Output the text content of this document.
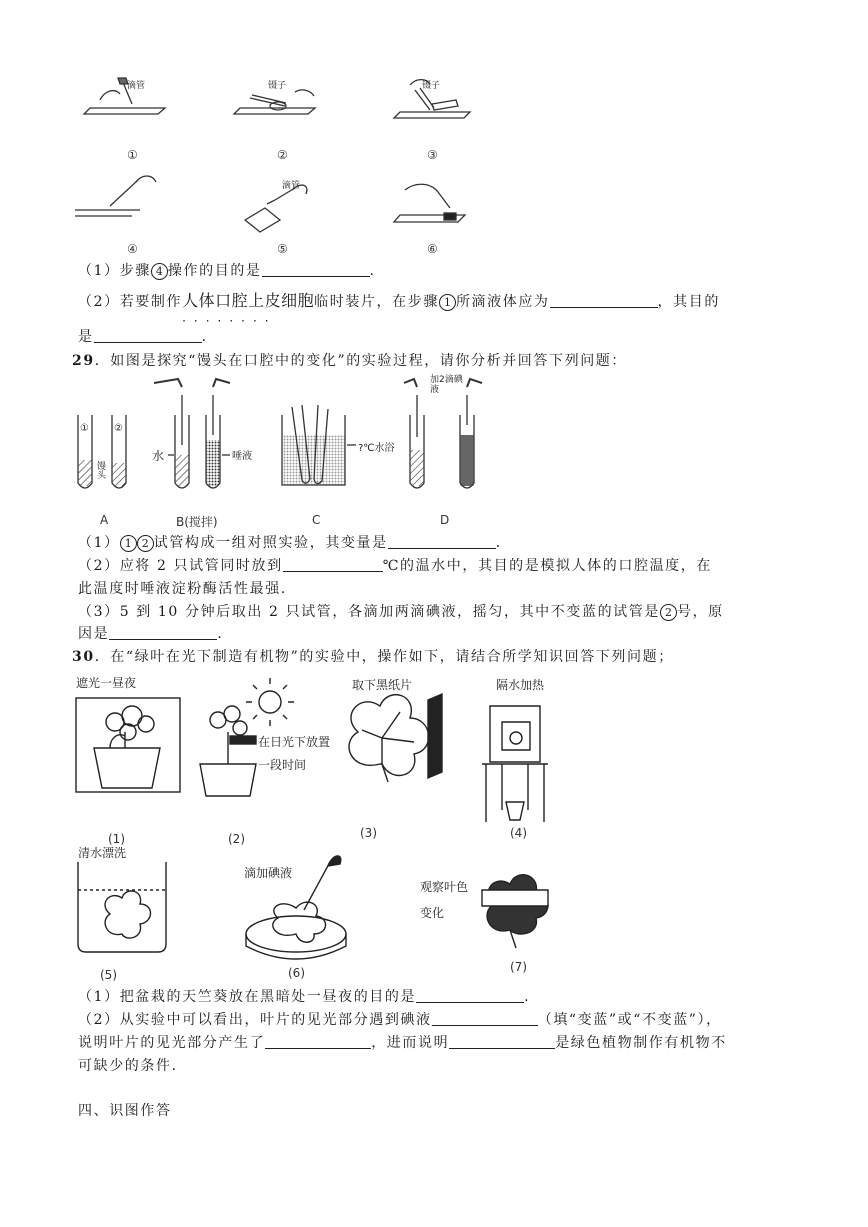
滴管	镊子	镊子
滴管
①	②	③
④	⑤	⑥
（1）步骤 4 操作的目的是	.
（2）若要制作人体口腔上皮细胞
········
临时装片，在步骤 1 所滴液体应为	，其目的
是	.
29．如图是探究“馒头在口腔中的变化”的实验过程，请你分析并回答下列问题：
①	②
馒头
水	唾液
?℃水浴
加2滴碘液
A	B(搅拌)	C	D
（1） 1 2 试管构成一组对照实验，其变量是	.
（2）应将 2 只试管同时放到	℃的温水中，其目的是模拟人体的口腔温度，在
此温度时唾液淀粉酶活性最强.
（3）5 到 10 分钟后取出 2 只试管，各滴加两滴碘液，摇匀，其中不变蓝的试管是 2 号，原
因是	.
30．在“绿叶在光下制造有机物”的实验中，操作如下，请结合所学知识回答下列问题；
遮光一昼夜
在日光下放置
一段时间
取下黑纸片	隔水加热
清水漂洗
滴加碘液
观察叶色
变化
(1)	(2)	(3)	(4)
(5)	(6)	(7)
（1）把盆栽的天竺葵放在黑暗处一昼夜的目的是	.
（2）从实验中可以看出，叶片的见光部分遇到碘液	（填“变蓝”或“不变蓝”），
说明叶片的见光部分产生了	，进而说明	是绿色植物制作有机物不
可缺少的条件.
四、识图作答
